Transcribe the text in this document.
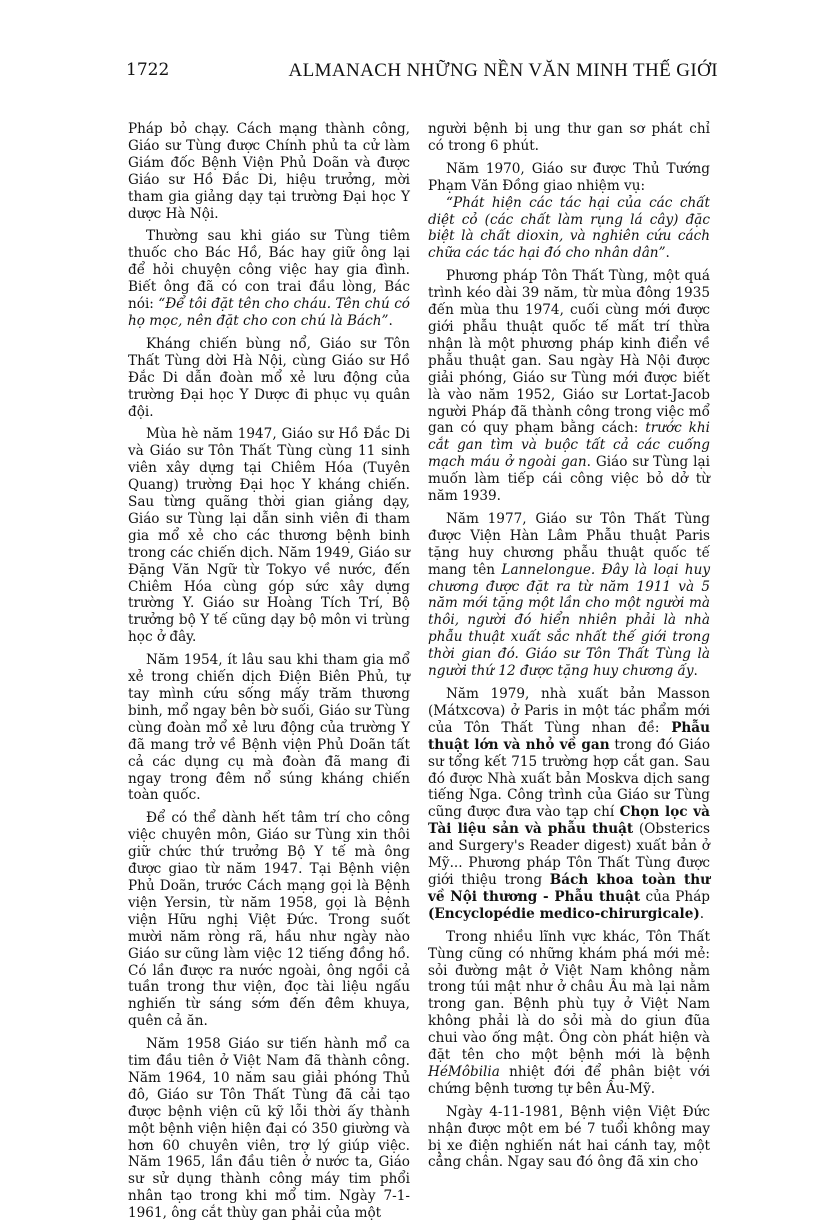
1722	ALMANACH NHỮNG NỀN VĂN MINH THẾ GIỚI

Pháp bỏ chạy. Cách mạng thành công, Giáo sư Tùng được Chính phủ ta cử làm Giám đốc Bệnh Viện Phủ Doãn và được Giáo sư Hồ Đắc Di, hiệu trưởng, mời tham gia giảng dạy tại trường Đại học Y dược Hà Nội.

Thường sau khi giáo sư Tùng tiêm thuốc cho Bác Hồ, Bác hay giữ ông lại để hỏi chuyện công việc hay gia đình. Biết ông đã có con trai đầu lòng, Bác nói: “Để tôi đặt tên cho cháu. Tên chú có họ mọc, nên đặt cho con chú là Bách”.

Kháng chiến bùng nổ, Giáo sư Tôn Thất Tùng dời Hà Nội, cùng Giáo sư Hồ Đắc Di dẫn đoàn mổ xẻ lưu động của trường Đại học Y Dược đi phục vụ quân đội.

Mùa hè năm 1947, Giáo sư Hồ Đắc Di và Giáo sư Tôn Thất Tùng cùng 11 sinh viên xây dựng tại Chiêm Hóa (Tuyên Quang) trường Đại học Y kháng chiến. Sau từng quãng thời gian giảng dạy, Giáo sư Tùng lại dẫn sinh viên đi tham gia mổ xẻ cho các thương bệnh binh trong các chiến dịch. Năm 1949, Giáo sư Đặng Văn Ngữ từ Tokyo về nước, đến Chiêm Hóa cùng góp sức xây dựng trường Y. Giáo sư Hoàng Tích Trí, Bộ trưởng bộ Y tế cũng dạy bộ môn vi trùng học ở đây.

Năm 1954, ít lâu sau khi tham gia mổ xẻ trong chiến dịch Điện Biên Phủ, tự tay mình cứu sống mấy trăm thương binh, mổ ngay bên bờ suối, Giáo sư Tùng cùng đoàn mổ xẻ lưu động của trường Y đã mang trở về Bệnh viện Phủ Doãn tất cả các dụng cụ mà đoàn đã mang đi ngay trong đêm nổ súng kháng chiến toàn quốc.

Để có thể dành hết tâm trí cho công việc chuyên môn, Giáo sư Tùng xin thôi giữ chức thứ trưởng Bộ Y tế mà ông được giao từ năm 1947. Tại Bệnh viện Phủ Doãn, trước Cách mạng gọi là Bệnh viện Yersin, từ năm 1958, gọi là Bệnh viện Hữu nghị Việt Đức. Trong suốt mười năm ròng rã, hầu như ngày nào Giáo sư cũng làm việc 12 tiếng đồng hồ. Có lần được ra nước ngoài, ông ngồi cả tuần trong thư viện, đọc tài liệu ngấu nghiến từ sáng sớm đến đêm khuya, quên cả ăn.

Năm 1958 Giáo sư tiến hành mổ ca tim đầu tiên ở Việt Nam đã thành công. Năm 1964, 10 năm sau giải phóng Thủ đô, Giáo sư Tôn Thất Tùng đã cải tạo được bệnh viện cũ kỹ lỗi thời ấy thành một bệnh viện hiện đại có 350 giường và hơn 60 chuyên viên, trợ lý giúp việc. Năm 1965, lần đầu tiên ở nước ta, Giáo sư sử dụng thành công máy tim phổi nhân tạo trong khi mổ tim. Ngày 7-1-1961, ông cắt thùy gan phải của một

người bệnh bị ung thư gan sơ phát chỉ có trong 6 phút.

Năm 1970, Giáo sư được Thủ Tướng Phạm Văn Đồng giao nhiệm vụ:

“Phát hiện các tác hại của các chất diệt cỏ (các chất làm rụng lá cây) đặc biệt là chất dioxin, và nghiên cứu cách chữa các tác hại đó cho nhân dân”.

Phương pháp Tôn Thất Tùng, một quá trình kéo dài 39 năm, từ mùa đông 1935 đến mùa thu 1974, cuối cùng mới được giới phẫu thuật quốc tế mất trí thừa nhận là một phương pháp kinh điển về phẫu thuật gan. Sau ngày Hà Nội được giải phóng, Giáo sư Tùng mới được biết là vào năm 1952, Giáo sư Lortat-Jacob người Pháp đã thành công trong việc mổ gan có quy phạm bằng cách: trước khi cắt gan tìm và buộc tất cả các cuống mạch máu ở ngoài gan. Giáo sư Tùng lại muốn làm tiếp cái công việc bỏ dở từ năm 1939.

Năm 1977, Giáo sư Tôn Thất Tùng được Viện Hàn Lâm Phẫu thuật Paris tặng huy chương phẫu thuật quốc tế mang tên Lannelongue. Đây là loại huy chương được đặt ra từ năm 1911 và 5 năm mới tặng một lần cho một người mà thôi, người đó hiển nhiên phải là nhà phẫu thuật xuất sắc nhất thế giới trong thời gian đó. Giáo sư Tôn Thất Tùng là người thứ 12 được tặng huy chương ấy.

Năm 1979, nhà xuất bản Masson (Mátxcơva) ở Paris in một tác phẩm mới của Tôn Thất Tùng nhan đề: Phẫu thuật lớn và nhỏ về gan trong đó Giáo sư tổng kết 715 trường hợp cắt gan. Sau đó được Nhà xuất bản Moskva dịch sang tiếng Nga. Công trình của Giáo sư Tùng cũng được đưa vào tạp chí Chọn lọc và Tài liệu sản và phẫu thuật (Obsterics and Surgery's Reader digest) xuất bản ở Mỹ... Phương pháp Tôn Thất Tùng được giới thiệu trong Bách khoa toàn thư về Nội thương - Phẫu thuật của Pháp (Encyclopédie medico-chirurgicale).

Trong nhiều lĩnh vực khác, Tôn Thất Tùng cũng có những khám phá mới mẻ: sỏi đường mật ở Việt Nam không nằm trong túi mật như ở châu Âu mà lại nằm trong gan. Bệnh phù tụy ở Việt Nam không phải là do sỏi mà do giun đũa chui vào ống mật. Ông còn phát hiện và đặt tên cho một bệnh mới là bệnh HéMôbilia nhiệt đới để phân biệt với chứng bệnh tương tự bên Âu-Mỹ.

Ngày 4-11-1981, Bệnh viện Việt Đức nhận được một em bé 7 tuổi không may bị xe điện nghiến nát hai cánh tay, một cẳng chân. Ngay sau đó ông đã xin cho
